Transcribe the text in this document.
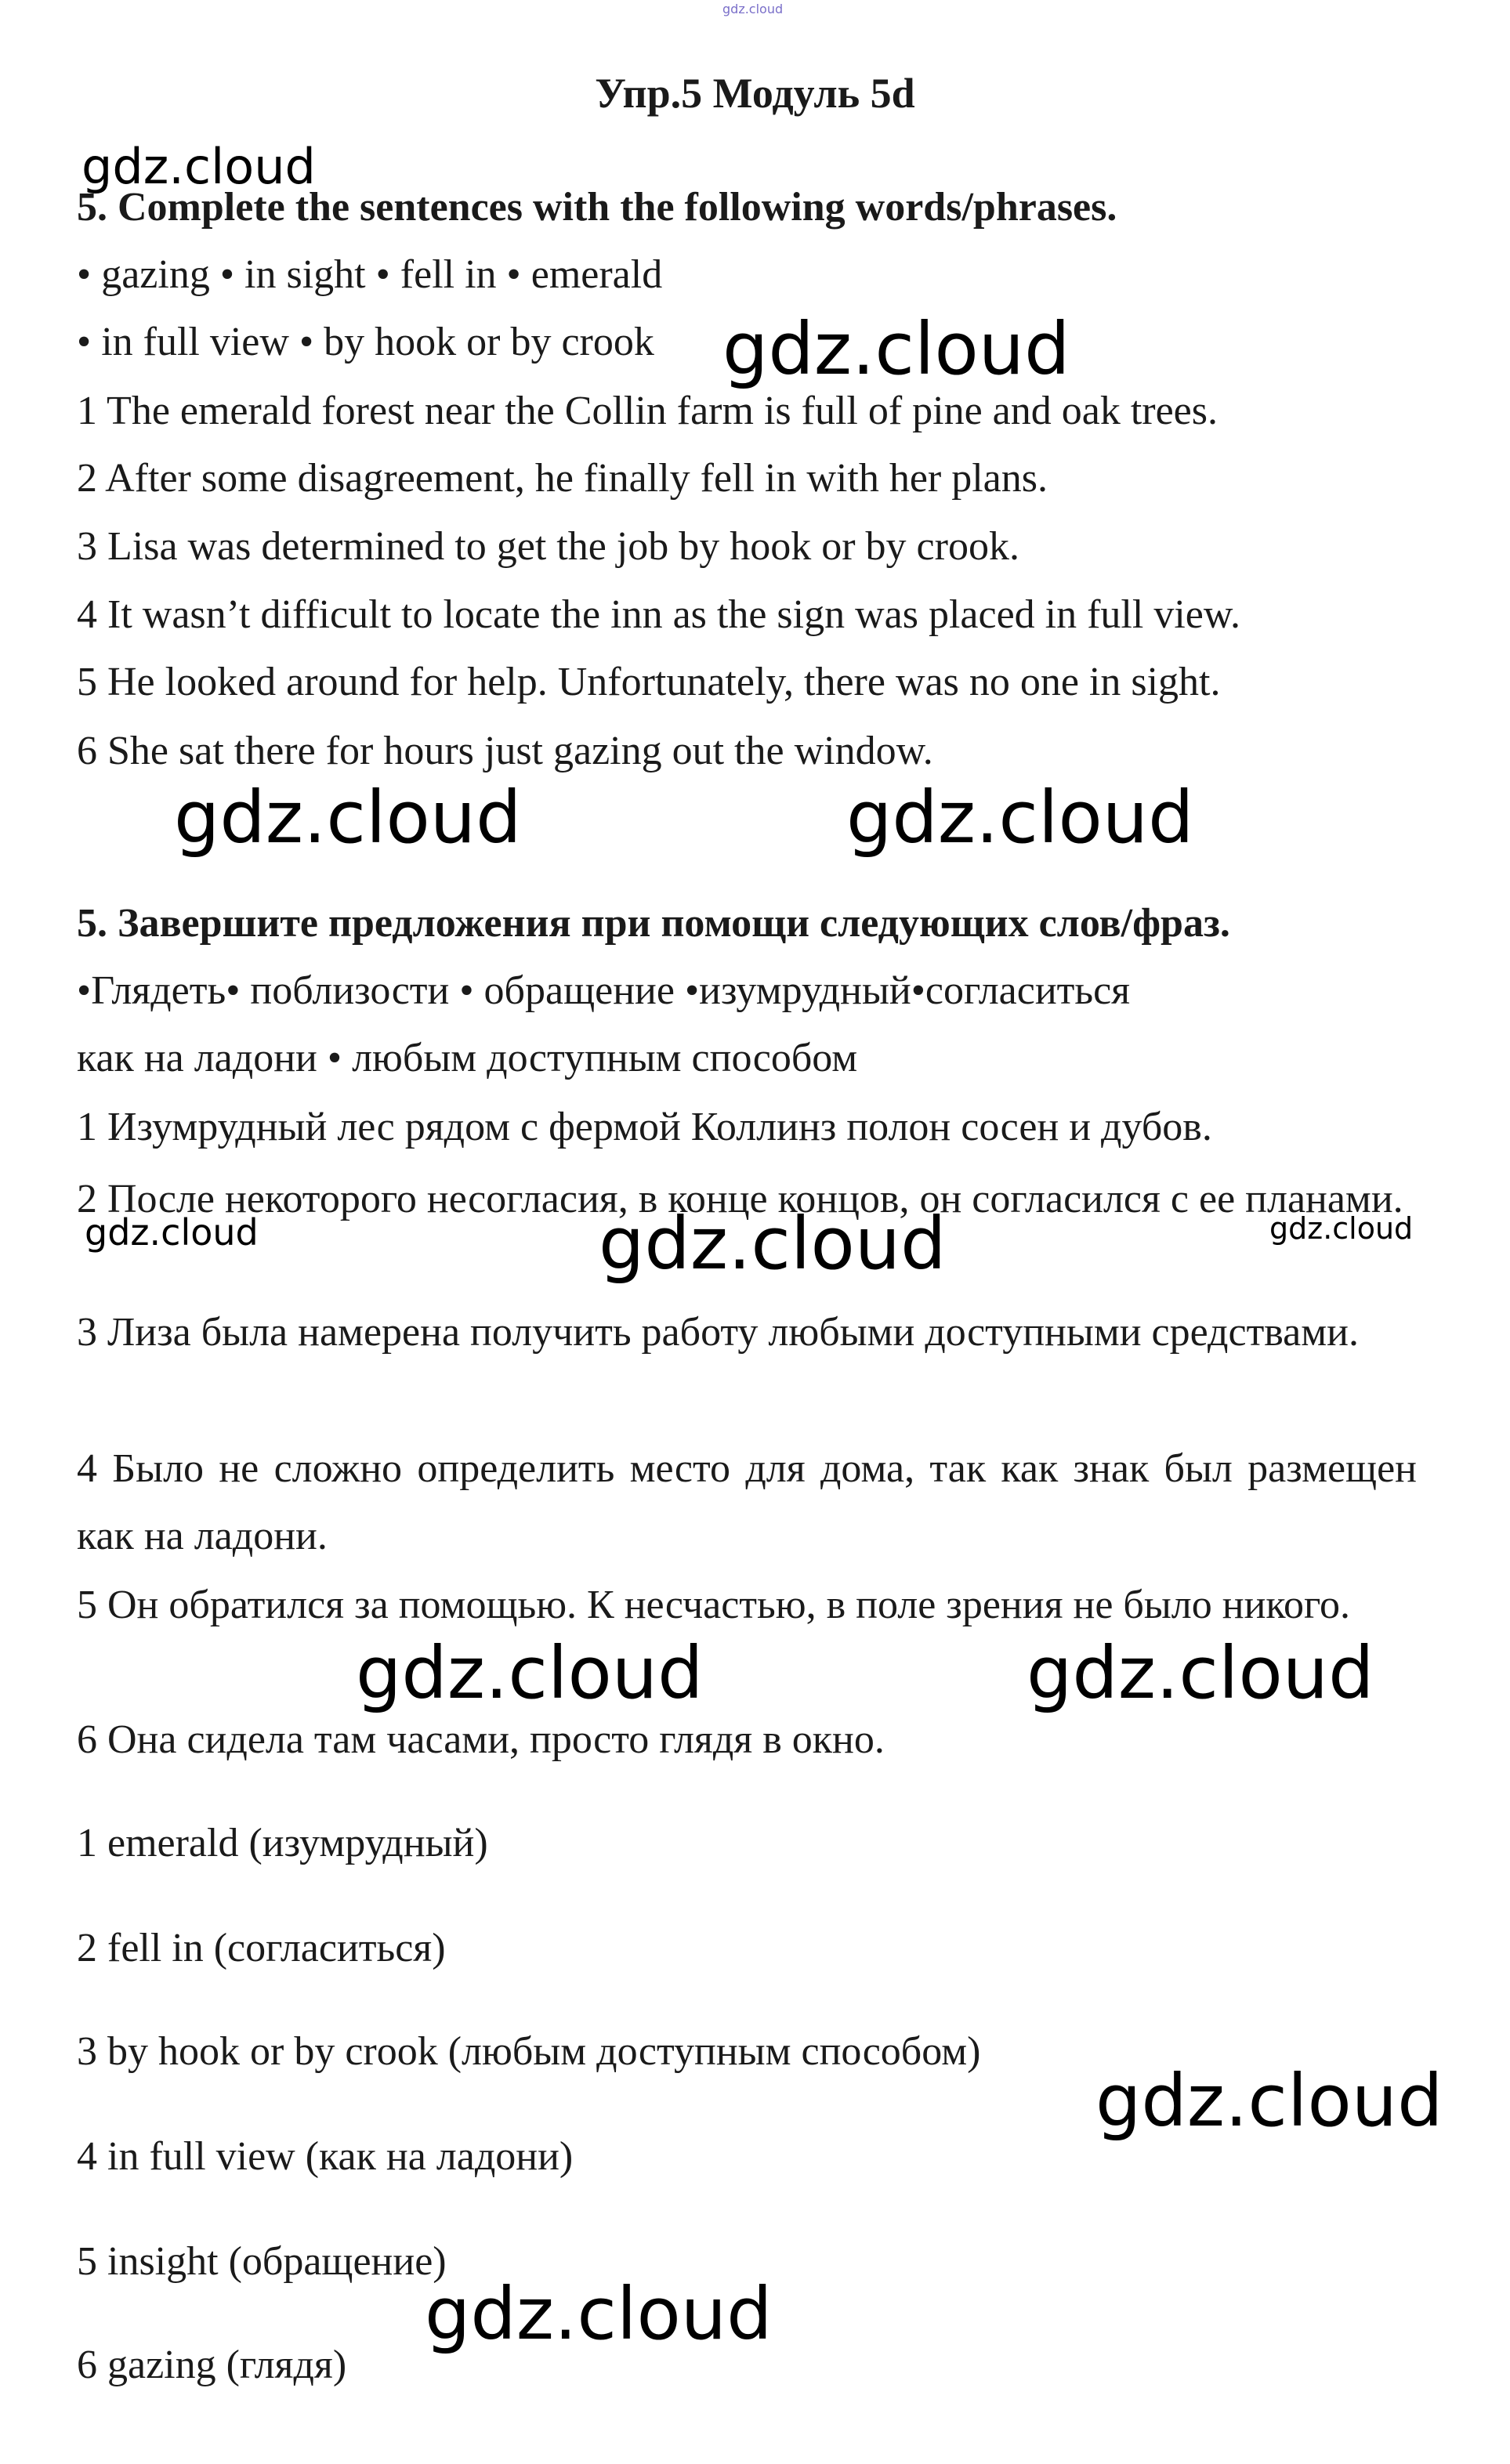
gdz.cloud
Упр.5 Модуль 5d
gdz.cloud
5. Complete the sentences with the following words/phrases.
• gazing • in sight • fell in • emerald
• in full view • by hook or by crook gdz.cloud
1 The emerald forest near the Collin farm is full of pine and oak trees.
2 After some disagreement, he finally fell in with her plans.
3 Lisa was determined to get the job by hook or by crook.
4 It wasn’t difficult to locate the inn as the sign was placed in full view.
5 He looked around for help. Unfortunately, there was no one in sight.
6 She sat there for hours just gazing out the window.
gdz.cloud	gdz.cloud
5. Завершите предложения при помощи следующих слов/фраз.
•Глядеть• поблизости • обращение •изумрудный•согласиться
как на ладони • любым доступным способом
1 Изумрудный лес рядом с фермой Коллинз полон сосен и дубов.
2 После некоторого несогласия, в конце концов, он согласился с ее планами.
gdz.cloud	gdz.cloud	gdz.cloud
3 Лиза была намерена получить работу любыми доступными средствами.
4 Было не сложно определить место для дома, так как знак был размещен как на ладони.
5 Он обратился за помощью. К несчастью, в поле зрения не было никого.
gdz.cloud	gdz.cloud
6 Она сидела там часами, просто глядя в окно.
1 emerald (изумрудный)
2 fell in (согласиться)
3 by hook or by crook (любым доступным способом)
gdz.cloud
4 in full view (как на ладони)
5 insight (обращение)
gdz.cloud
6 gazing (глядя)
